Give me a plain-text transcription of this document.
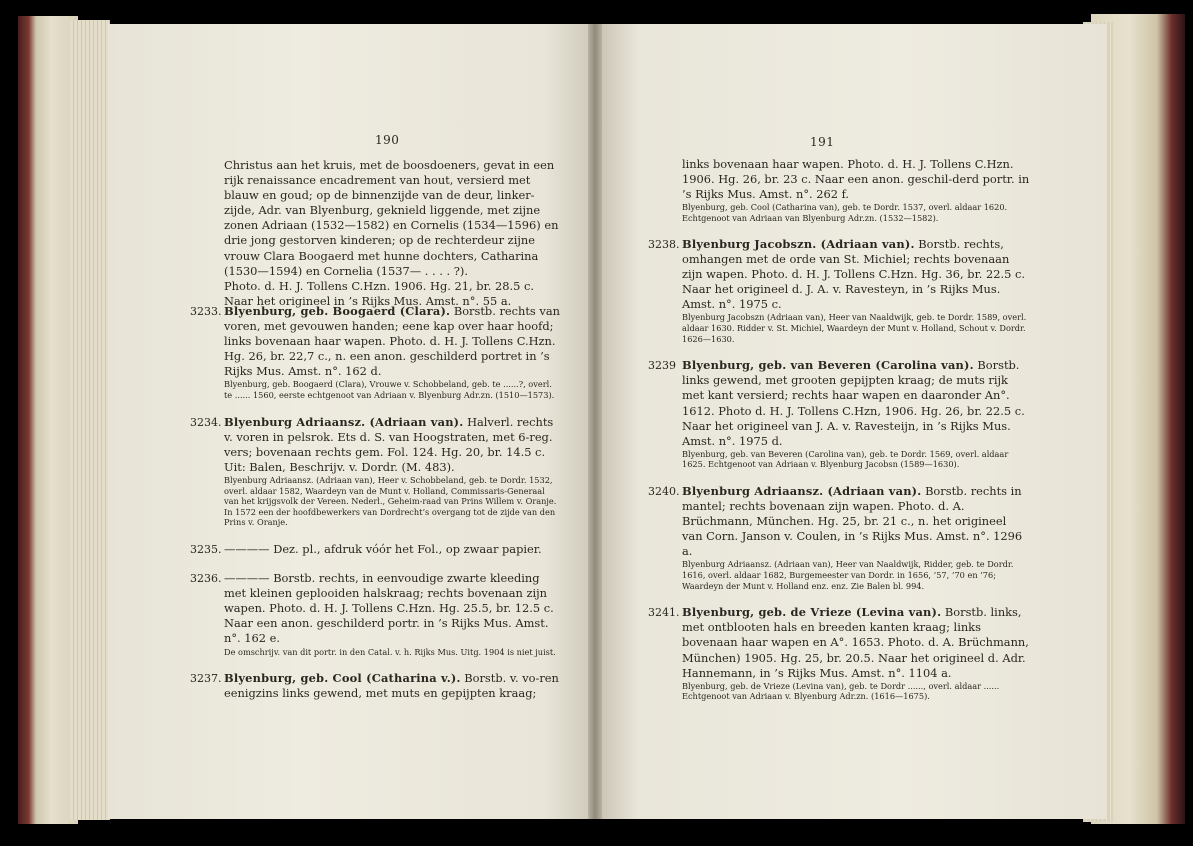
190

Christus aan het kruis, met de boosdoeners, gevat in een rijk renaissance encadrement van hout, versierd met blauw en goud; op de binnenzijde van de deur, linker-zijde, Adr. van Blyenburg, geknield liggende, met zijne zonen Adriaan (1532—1582) en Cornelis (1534—1596) en drie jong gestorven kinderen; op de rechterdeur zijne vrouw Clara Boogaerd met hunne dochters, Catharina (1530—1594) en Cornelia (1537— . . . . ?).

Photo. d. H. J. Tollens C.Hzn. 1906. Hg. 21, br. 28.5 c. Naar het origineel in ’s Rijks Mus. Amst. n°. 55 a.

3233. Blyenburg, geb. Boogaerd (Clara). Borstb. rechts van voren, met gevouwen handen; eene kap over haar hoofd; links bovenaan haar wapen. Photo. d. H. J. Tollens C.Hzn. Hg. 26, br. 22,7 c., n. een anon. geschilderd portret in ’s Rijks Mus. Amst. n°. 162 d.

Blyenburg, geb. Boogaerd (Clara), Vrouwe v. Schobbeland, geb. te ......?, overl. te ...... 1560, eerste echtgenoot van Adriaan v. Blyenburg Adr.zn. (1510—1573).

3234. Blyenburg Adriaansz. (Adriaan van). Halverl. rechts v. voren in pelsrok. Ets d. S. van Hoogstraten, met 6-reg. vers; bovenaan rechts gem. Fol. 124. Hg. 20, br. 14.5 c. Uit: Balen, Beschrijv. v. Dordr. (M. 483).

Blyenburg Adriaansz. (Adriaan van), Heer v. Schobbeland, geb. te Dordr. 1532, overl. aldaar 1582, Waardeyn van de Munt v. Holland, Commissaris-Generaal van het krijgsvolk der Vereen. Nederl., Geheim-raad van Prins Willem v. Oranje. In 1572 een der hoofdbewerkers van Dordrecht’s overgang tot de zijde van den Prins v. Oranje.

3235. ———— Dez. pl., afdruk vóór het Fol., op zwaar papier.

3236. ———— Borstb. rechts, in eenvoudige zwarte kleeding met kleinen geplooiden halskraag; rechts bovenaan zijn wapen. Photo. d. H. J. Tollens C.Hzn. Hg. 25.5, br. 12.5 c. Naar een anon. geschilderd portr. in ’s Rijks Mus. Amst. n°. 162 e.

De omschrijv. van dit portr. in den Catal. v. h. Rijks Mus. Uitg. 1904 is niet juist.

3237. Blyenburg, geb. Cool (Catharina v.). Borstb. v. vo-ren eenigzins links gewend, met muts en gepijpten kraag;

191

links bovenaan haar wapen. Photo. d. H. J. Tollens C.Hzn. 1906. Hg. 26, br. 23 c. Naar een anon. geschil-derd portr. in ’s Rijks Mus. Amst. n°. 262 f.

Blyenburg, geb. Cool (Catharina van), geb. te Dordr. 1537, overl. aldaar 1620. Echtgenoot van Adriaan van Blyenburg Adr.zn. (1532—1582).

3238. Blyenburg Jacobszn. (Adriaan van). Borstb. rechts, omhangen met de orde van St. Michiel; rechts bovenaan zijn wapen. Photo. d. H. J. Tollens C.Hzn. Hg. 36, br. 22.5 c. Naar het origineel d. J. A. v. Ravesteyn, in ’s Rijks Mus. Amst. n°. 1975 c.

Blyenburg Jacobszn (Adriaan van), Heer van Naaldwijk, geb. te Dordr. 1589, overl. aldaar 1630. Ridder v. St. Michiel, Waardeyn der Munt v. Holland, Schout v. Dordr. 1626—1630.

3239 Blyenburg, geb. van Beveren (Carolina van). Borstb. links gewend, met grooten gepijpten kraag; de muts rijk met kant versierd; rechts haar wapen en daaronder An°. 1612. Photo d. H. J. Tollens C.Hzn, 1906. Hg. 26, br. 22.5 c. Naar het origineel van J. A. v. Ravesteijn, in ’s Rijks Mus. Amst. n°. 1975 d.

Blyenburg, geb. van Beveren (Carolina van), geb. te Dordr. 1569, overl. aldaar 1625. Echtgenoot van Adriaan v. Blyenburg Jacobsn (1589—1630).

3240. Blyenburg Adriaansz. (Adriaan van). Borstb. rechts in mantel; rechts bovenaan zijn wapen. Photo. d. A. Brüchmann, München. Hg. 25, br. 21 c., n. het origineel van Corn. Janson v. Coulen, in ’s Rijks Mus. Amst. n°. 1296 a.

Blyenburg Adriaansz. (Adriaan van), Heer van Naaldwijk, Ridder, geb. te Dordr. 1616, overl. aldaar 1682, Burgemeester van Dordr. in 1656, ’57, ’70 en ’76; Waardeyn der Munt v. Holland enz. enz. Zie Balen bl. 994.

3241. Blyenburg, geb. de Vrieze (Levina van). Borstb. links, met ontblooten hals en breeden kanten kraag; links bovenaan haar wapen en A°. 1653. Photo. d. A. Brüchmann, München) 1905. Hg. 25, br. 20.5. Naar het origineel d. Adr. Hannemann, in ’s Rijks Mus. Amst. n°. 1104 a.

Blyenburg, geb. de Vrieze (Levina van), geb. te Dordr ......, overl. aldaar ...... Echtgenoot van Adriaan v. Blyenburg Adr.zn. (1616—1675).
